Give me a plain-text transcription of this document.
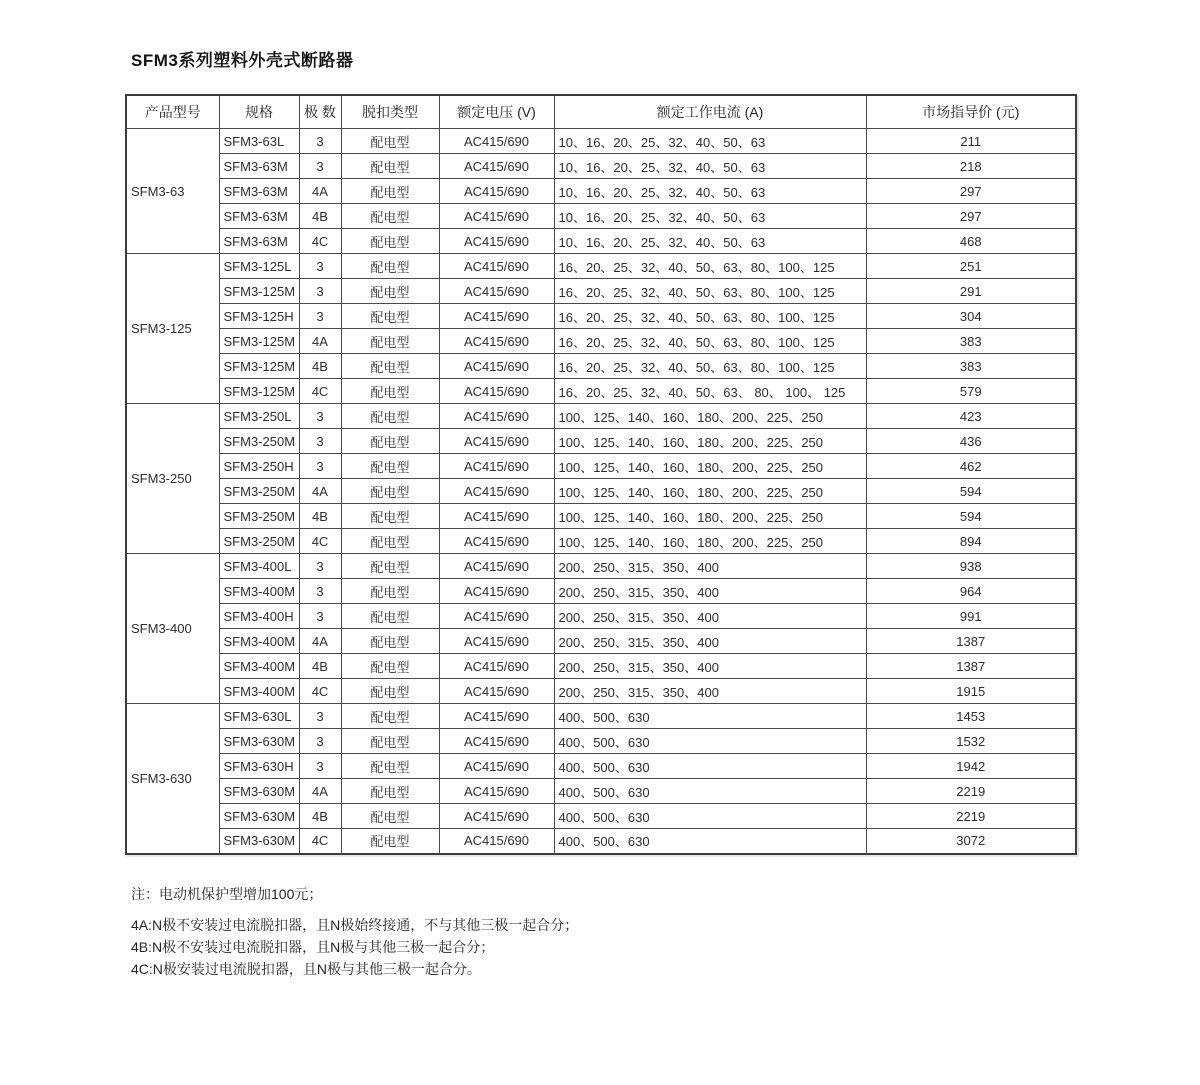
SFM3系列塑料外壳式断路器
产品型号	规格	极 数	脱扣类型	额定电压 (V)	额定工作电流 (A)	市场指导价 (元)
SFM3-63	SFM3-63L	3	配电型	AC415/690	10、16、20、25、32、40、50、63	211
	SFM3-63M	3	配电型	AC415/690	10、16、20、25、32、40、50、63	218
	SFM3-63M	4A	配电型	AC415/690	10、16、20、25、32、40、50、63	297
	SFM3-63M	4B	配电型	AC415/690	10、16、20、25、32、40、50、63	297
	SFM3-63M	4C	配电型	AC415/690	10、16、20、25、32、40、50、63	468
SFM3-125	SFM3-125L	3	配电型	AC415/690	16、20、25、32、40、50、63、80、100、125	251
	SFM3-125M	3	配电型	AC415/690	16、20、25、32、40、50、63、80、100、125	291
	SFM3-125H	3	配电型	AC415/690	16、20、25、32、40、50、63、80、100、125	304
	SFM3-125M	4A	配电型	AC415/690	16、20、25、32、40、50、63、80、100、125	383
	SFM3-125M	4B	配电型	AC415/690	16、20、25、32、40、50、63、80、100、125	383
	SFM3-125M	4C	配电型	AC415/690	16、20、25、32、40、50、63、 80、 100、 125	579
SFM3-250	SFM3-250L	3	配电型	AC415/690	100、125、140、160、180、200、225、250	423
	SFM3-250M	3	配电型	AC415/690	100、125、140、160、180、200、225、250	436
	SFM3-250H	3	配电型	AC415/690	100、125、140、160、180、200、225、250	462
	SFM3-250M	4A	配电型	AC415/690	100、125、140、160、180、200、225、250	594
	SFM3-250M	4B	配电型	AC415/690	100、125、140、160、180、200、225、250	594
	SFM3-250M	4C	配电型	AC415/690	100、125、140、160、180、200、225、250	894
SFM3-400	SFM3-400L	3	配电型	AC415/690	200、250、315、350、400	938
	SFM3-400M	3	配电型	AC415/690	200、250、315、350、400	964
	SFM3-400H	3	配电型	AC415/690	200、250、315、350、400	991
	SFM3-400M	4A	配电型	AC415/690	200、250、315、350、400	1387
	SFM3-400M	4B	配电型	AC415/690	200、250、315、350、400	1387
	SFM3-400M	4C	配电型	AC415/690	200、250、315、350、400	1915
SFM3-630	SFM3-630L	3	配电型	AC415/690	400、500、630	1453
	SFM3-630M	3	配电型	AC415/690	400、500、630	1532
	SFM3-630H	3	配电型	AC415/690	400、500、630	1942
	SFM3-630M	4A	配电型	AC415/690	400、500、630	2219
	SFM3-630M	4B	配电型	AC415/690	400、500、630	2219
	SFM3-630M	4C	配电型	AC415/690	400、500、630	3072

注：电动机保护型增加100元；

4A:N极不安装过电流脱扣器，且N极始终接通，不与其他三极一起合分；

4B:N极不安装过电流脱扣器，且N极与其他三极一起合分；

4C:N极安装过电流脱扣器，且N极与其他三极一起合分。
